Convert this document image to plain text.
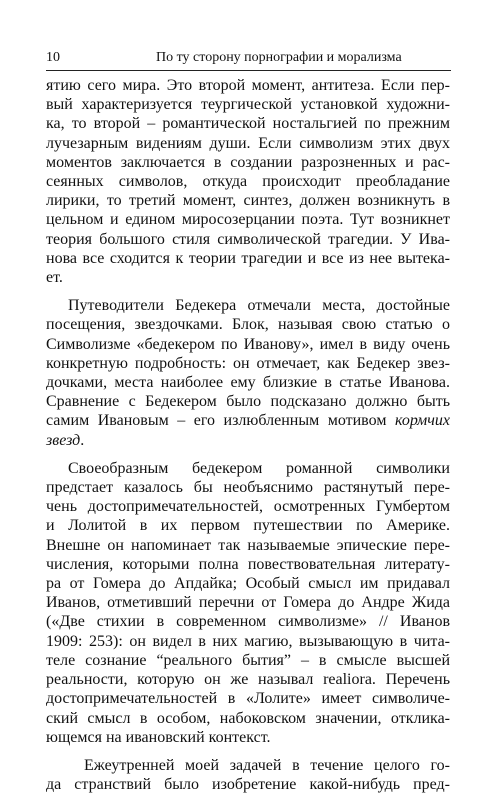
10	По ту сторону порнографии и морализма
ятию сего мира. Это второй момент, антитеза. Если пер-
вый характеризуется теургической установкой художни-
ка, то второй – романтической ностальгией по прежним
лучезарным видениям души. Если символизм этих двух
моментов заключается в создании разрозненных и рас-
сеянных символов, откуда происходит преобладание
лирики, то третий момент, синтез, должен возникнуть в
цельном и едином миросозерцании поэта. Тут возникнет
теория большого стиля символической трагедии. У Ива-
нова все сходится к теории трагедии и все из нее вытека-
ет.
Путеводители Бедекера отмечали места, достойные
посещения, звездочками. Блок, называя свою статью о
Символизме «бедекером по Иванову», имел в виду очень
конкретную подробность: он отмечает, как Бедекер звез-
дочками, места наиболее ему близкие в статье Иванова.
Сравнение с Бедекером было подсказано должно быть
самим Ивановым – его излюбленным мотивом кормчих
звезд.
Своеобразным бедекером романной символики
предстает казалось бы необъяснимо растянутый пере-
чень достопримечательностей, осмотренных Гумбертом
и Лолитой в их первом путешествии по Америке.
Внешне он напоминает так называемые эпические пере-
числения, которыми полна повествовательная литерату-
ра от Гомера до Апдайка; Особый смысл им придавал
Иванов, отметивший перечни от Гомера до Андре Жида
(«Две стихии в современном символизме» // Иванов
1909: 253): он видел в них магию, вызывающую в чита-
теле сознание “реального бытия” – в смысле высшей
реальности, которую он же называл realiora. Перечень
достопримечательностей в «Лолите» имеет символиче-
ский смысл в особом, набоковском значении, отклика-
ющемся на ивановский контекст.
Ежеутренней моей задачей в течение целого го-
да странствий было изобретение какой-нибудь пред-
